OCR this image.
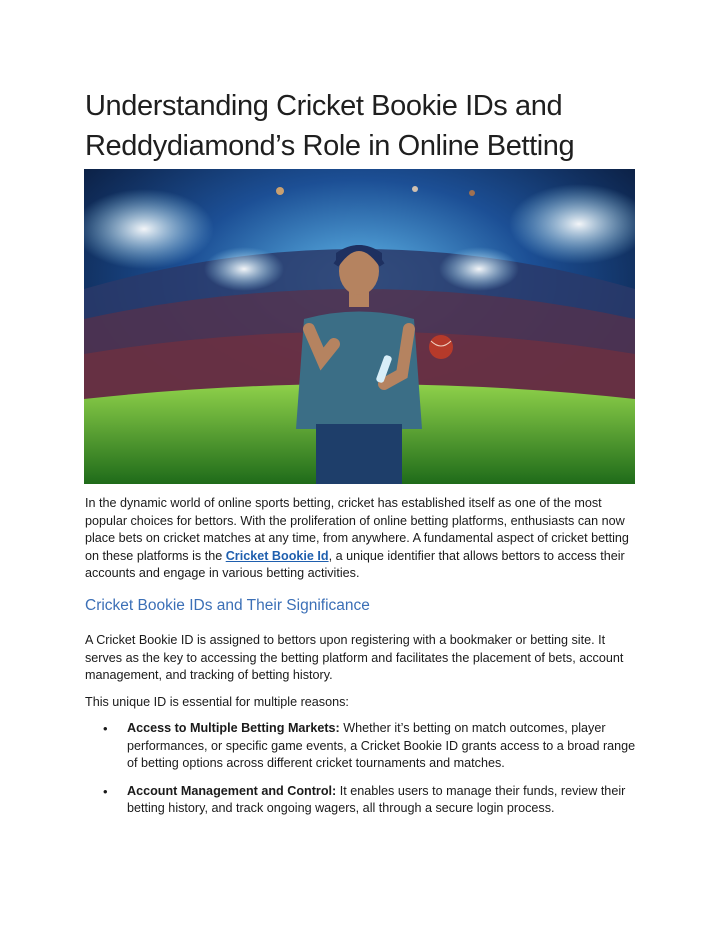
Understanding Cricket Bookie IDs and Reddydiamond’s Role in Online Betting

In the dynamic world of online sports betting, cricket has established itself as one of the most popular choices for bettors. With the proliferation of online betting platforms, enthusiasts can now place bets on cricket matches at any time, from anywhere. A fundamental aspect of cricket betting on these platforms is the Cricket Bookie Id, a unique identifier that allows bettors to access their accounts and engage in various betting activities.

Cricket Bookie IDs and Their Significance

A Cricket Bookie ID is assigned to bettors upon registering with a bookmaker or betting site. It serves as the key to accessing the betting platform and facilitates the placement of bets, account management, and tracking of betting history.

This unique ID is essential for multiple reasons:

• Access to Multiple Betting Markets: Whether it’s betting on match outcomes, player performances, or specific game events, a Cricket Bookie ID grants access to a broad range of betting options across different cricket tournaments and matches.
• Account Management and Control: It enables users to manage their funds, review their betting history, and track ongoing wagers, all through a secure login process.
